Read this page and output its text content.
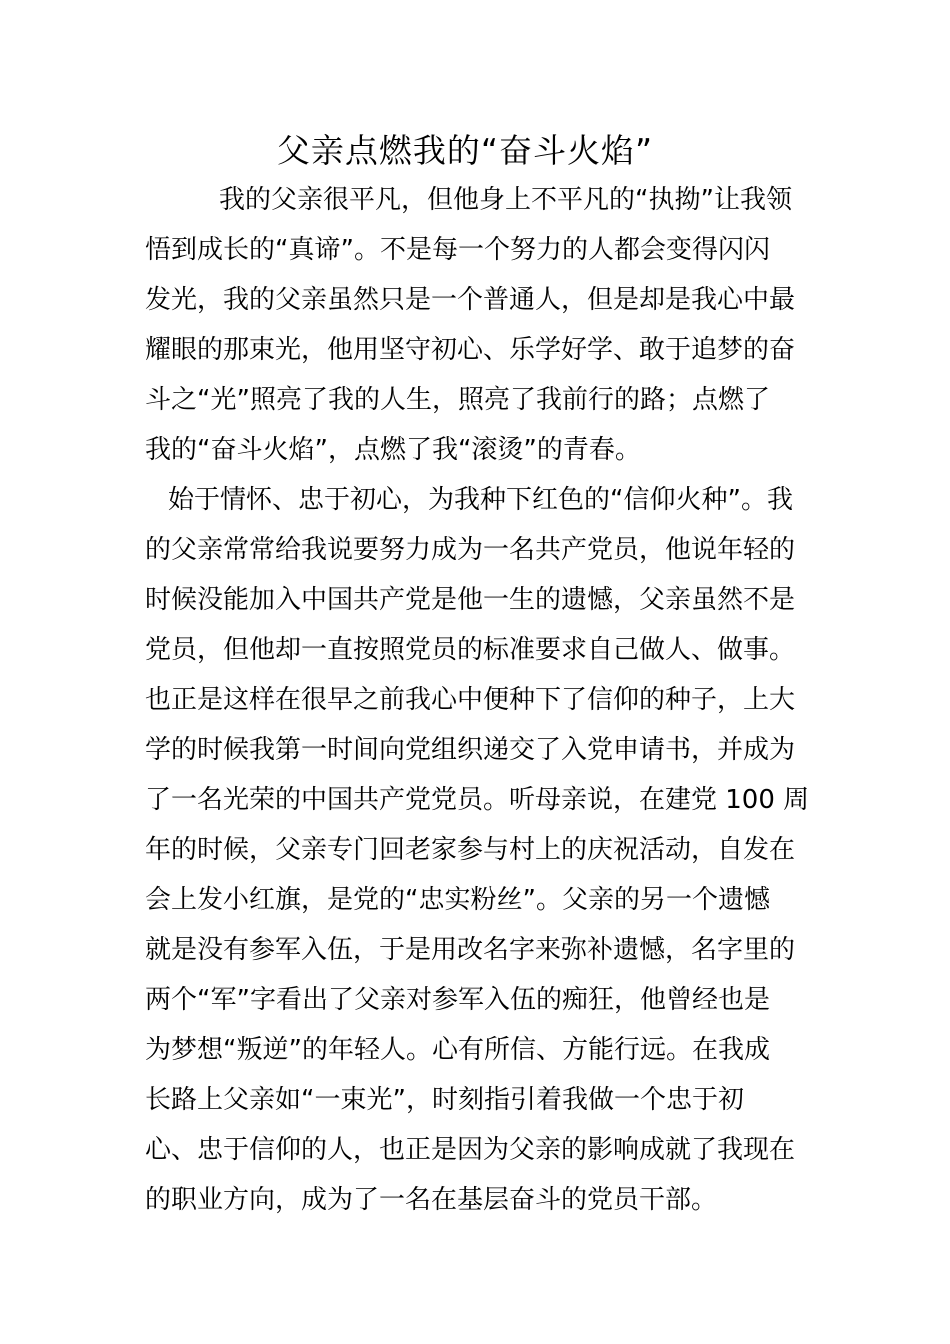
父亲点燃我的“奋斗火焰”

我的父亲很平凡，但他身上不平凡的“执拗”让我领

悟到成长的“真谛”。不是每一个努力的人都会变得闪闪

发光，我的父亲虽然只是一个普通人，但是却是我心中最

耀眼的那束光，他用坚守初心、乐学好学、敢于追梦的奋

斗之“光”照亮了我的人生，照亮了我前行的路；点燃了

我的“奋斗火焰”，点燃了我“滚烫”的青春。

始于情怀、忠于初心，为我种下红色的“信仰火种”。我

的父亲常常给我说要努力成为一名共产党员，他说年轻的

时候没能加入中国共产党是他一生的遗憾，父亲虽然不是

党员，但他却一直按照党员的标准要求自己做人、做事。

也正是这样在很早之前我心中便种下了信仰的种子，上大

学的时候我第一时间向党组织递交了入党申请书，并成为

了一名光荣的中国共产党党员。听母亲说，在建党 100 周

年的时候，父亲专门回老家参与村上的庆祝活动，自发在

会上发小红旗，是党的“忠实粉丝”。父亲的另一个遗憾

就是没有参军入伍，于是用改名字来弥补遗憾，名字里的

两个“军”字看出了父亲对参军入伍的痴狂，他曾经也是

为梦想“叛逆”的年轻人。心有所信、方能行远。在我成

长路上父亲如“一束光”，时刻指引着我做一个忠于初

心、忠于信仰的人，也正是因为父亲的影响成就了我现在

的职业方向，成为了一名在基层奋斗的党员干部。
